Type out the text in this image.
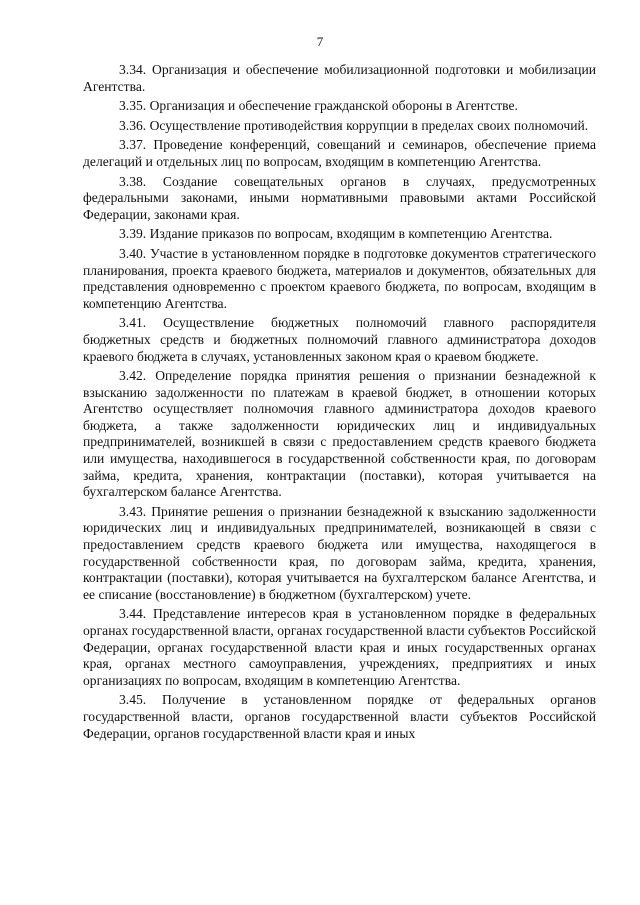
7

3.34. Организация и обеспечение мобилизационной подготовки и мобилизации Агентства.

3.35. Организация и обеспечение гражданской обороны в Агентстве.

3.36. Осуществление противодействия коррупции в пределах своих полномочий.

3.37. Проведение конференций, совещаний и семинаров, обеспечение приема делегаций и отдельных лиц по вопросам, входящим в компетенцию Агентства.

3.38. Создание совещательных органов в случаях, предусмотренных федеральными законами, иными нормативными правовыми актами Российской Федерации, законами края.

3.39. Издание приказов по вопросам, входящим в компетенцию Агентства.

3.40. Участие в установленном порядке в подготовке документов стратегического планирования, проекта краевого бюджета, материалов и документов, обязательных для представления одновременно с проектом краевого бюджета, по вопросам, входящим в компетенцию Агентства.

3.41. Осуществление бюджетных полномочий главного распорядителя бюджетных средств и бюджетных полномочий главного администратора доходов краевого бюджета в случаях, установленных законом края о краевом бюджете.

3.42. Определение порядка принятия решения о признании безнадежной к взысканию задолженности по платежам в краевой бюджет, в отношении которых Агентство осуществляет полномочия главного администратора доходов краевого бюджета, а также задолженности юридических лиц и индивидуальных предпринимателей, возникшей в связи с предоставлением средств краевого бюджета или имущества, находившегося в государственной собственности края, по договорам займа, кредита, хранения, контрактации (поставки), которая учитывается на бухгалтерском балансе Агентства.

3.43. Принятие решения о признании безнадежной к взысканию задолженности юридических лиц и индивидуальных предпринимателей, возникающей в связи с предоставлением средств краевого бюджета или имущества, находящегося в государственной собственности края, по договорам займа, кредита, хранения, контрактации (поставки), которая учитывается на бухгалтерском балансе Агентства, и ее списание (восстановление) в бюджетном (бухгалтерском) учете.

3.44. Представление интересов края в установленном порядке в федеральных органах государственной власти, органах государственной власти субъектов Российской Федерации, органах государственной власти края и иных государственных органах края, органах местного самоуправления, учреждениях, предприятиях и иных организациях по вопросам, входящим в компетенцию Агентства.

3.45. Получение в установленном порядке от федеральных органов государственной власти, органов государственной власти субъектов Российской Федерации, органов государственной власти края и иных
